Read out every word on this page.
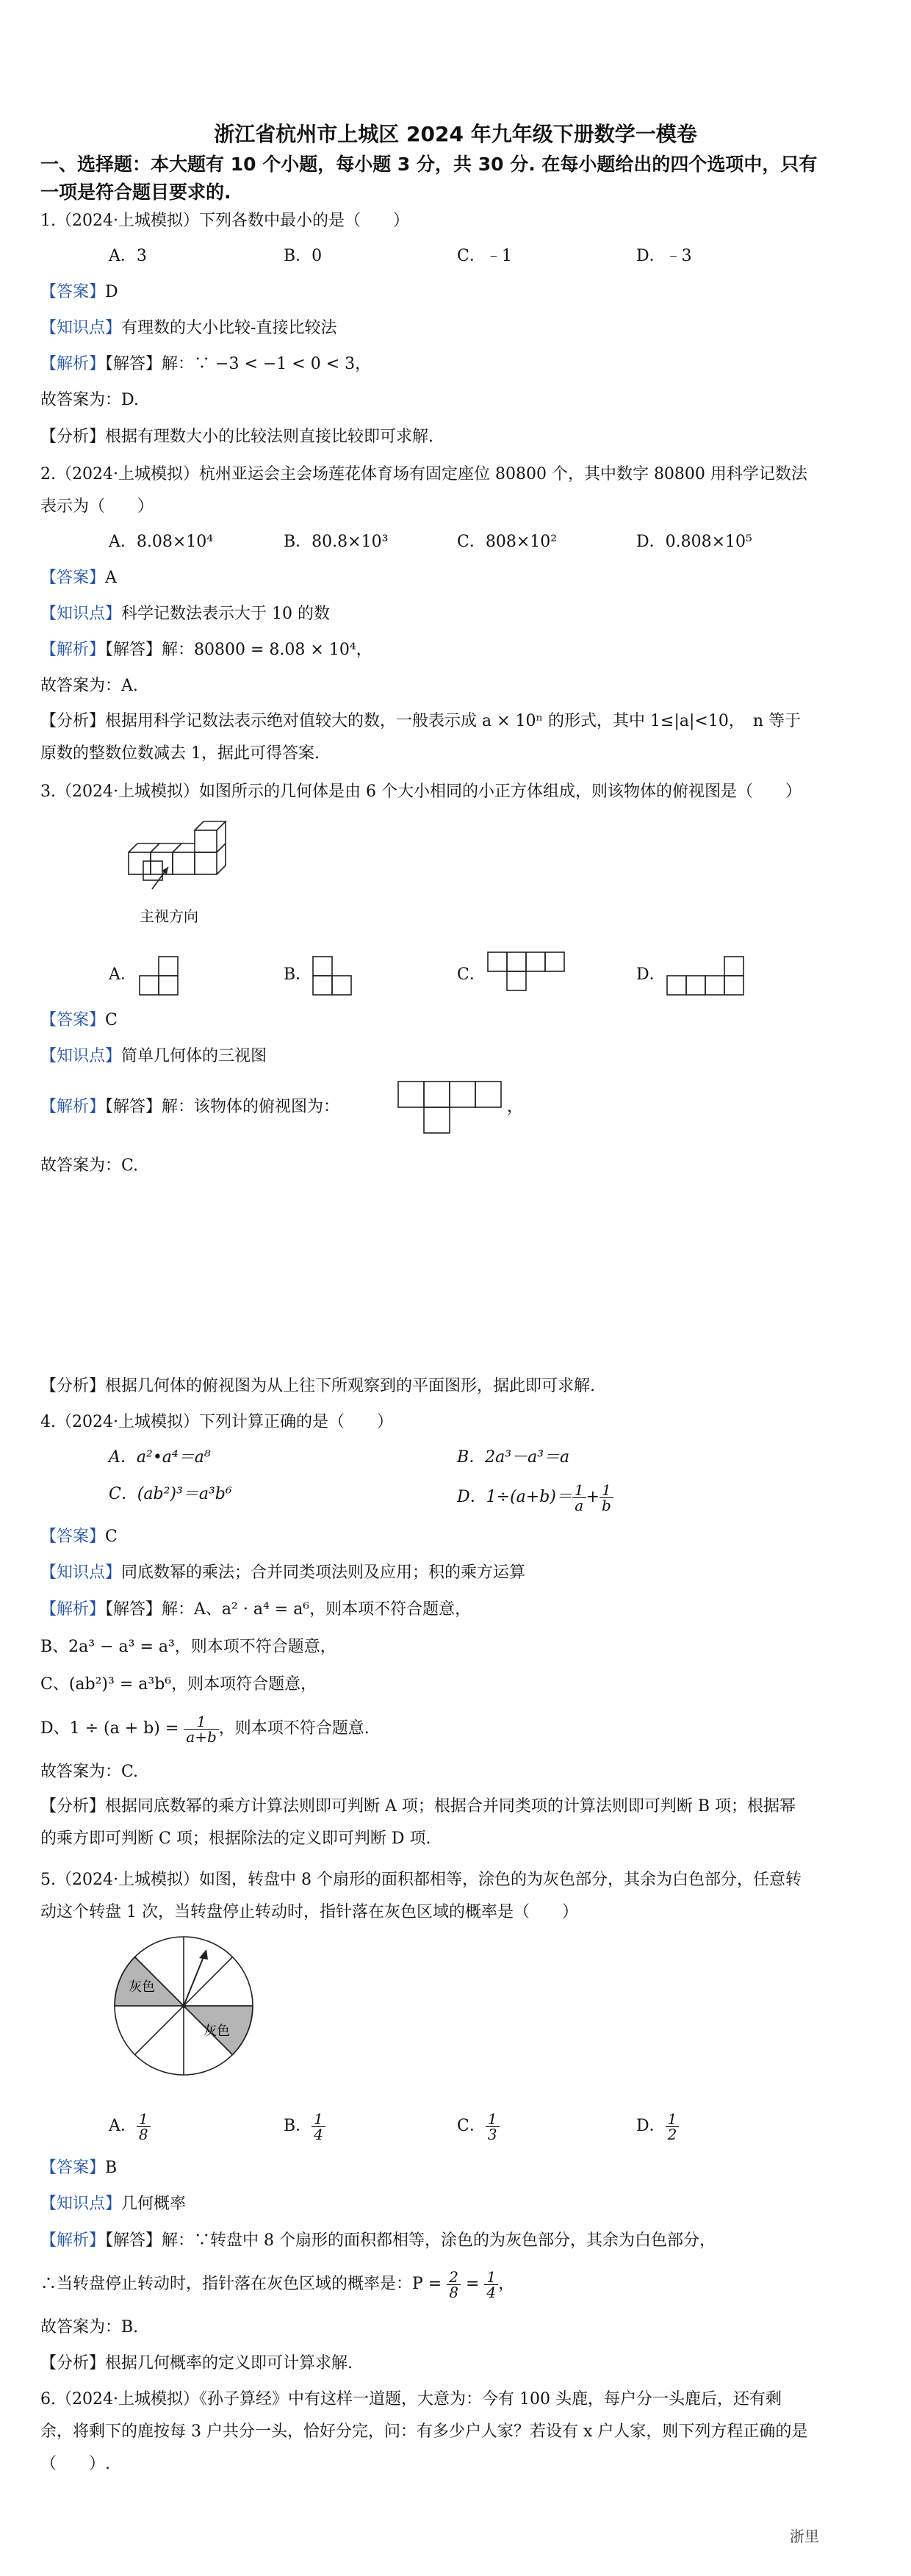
浙江省杭州市上城区 2024 年九年级下册数学一模卷
一、选择题：本大题有 10 个小题，每小题 3 分，共 30 分. 在每小题给出的四个选项中，只有一项是符合题目要求的.
1.（2024·上城模拟）下列各数中最小的是（　　）
A．3	B．0	C．﹣1	D．﹣3
【答案】D
【知识点】有理数的大小比较-直接比较法
【解析】【解答】解：∵ −3 < −1 < 0 < 3，
故答案为：D.
【分析】根据有理数大小的比较法则直接比较即可求解.
2.（2024·上城模拟）杭州亚运会主会场莲花体育场有固定座位 80800 个，其中数字 80800 用科学记数法表示为（　　）
A．8.08×10⁴	B．80.8×10³	C．808×10²	D．0.808×10⁵
【答案】A
【知识点】科学记数法表示大于 10 的数
【解析】【解答】解：80800 = 8.08 × 10⁴，
故答案为：A.
【分析】根据用科学记数法表示绝对值较大的数，一般表示成 a × 10ⁿ 的形式，其中 1≤|a|<10，　n 等于原数的整数位数减去 1，据此可得答案.
3.（2024·上城模拟）如图所示的几何体是由 6 个大小相同的小正方体组成，则该物体的俯视图是（　　）
主视方向
A．	B．	C．	D．
【答案】C
【知识点】简单几何体的三视图
【解析】【解答】解：该物体的俯视图为：	，
故答案为：C.
【分析】根据几何体的俯视图为从上往下所观察到的平面图形，据此即可求解.
4.（2024·上城模拟）下列计算正确的是（　　）
A．a²•a⁴＝a⁸	B．2a³－a³＝a
C．(ab²)³＝a³b⁶	D．$1\div(a+b)= \frac{1}{a} + \frac{1}{b}$
【答案】C
【知识点】同底数幂的乘法；合并同类项法则及应用；积的乘方运算
【解析】【解答】解：A、a² · a⁴ = a⁶，则本项不符合题意，
B、2a³ − a³ = a³，则本项不符合题意，
C、(ab²)³ = a³b⁶，则本项符合题意，
D、$1 \div (a + b) = \frac{1}{a+b}$ ，则本项不符合题意.
故答案为：C.
【分析】根据同底数幂的乘方计算法则即可判断 A 项；根据合并同类项的计算法则即可判断 B 项；根据幂的乘方即可判断 C 项；根据除法的定义即可判断 D 项.
5.（2024·上城模拟）如图，转盘中 8 个扇形的面积都相等，涂色的为灰色部分，其余为白色部分，任意转动这个转盘 1 次，当转盘停止转动时，指针落在灰色区域的概率是（　　）
灰色
灰色
A． $\frac{1}{8}$	B． $\frac{1}{4}$	C． $\frac{1}{3}$	D． $\frac{1}{2}$
【答案】B
【知识点】几何概率
【解析】【解答】解：∵转盘中 8 个扇形的面积都相等，涂色的为灰色部分，其余为白色部分，
∴当转盘停止转动时，指针落在灰色区域的概率是：$P = \frac{2}{8} = \frac{1}{4}$ ，
故答案为：B.
【分析】根据几何概率的定义即可计算求解.
6.（2024·上城模拟）《孙子算经》中有这样一道题，大意为：今有 100 头鹿，每户分一头鹿后，还有剩余，将剩下的鹿按每 3 户共分一头，恰好分完，问：有多少户人家？若设有 x 户人家，则下列方程正确的是（　　）.
浙里
